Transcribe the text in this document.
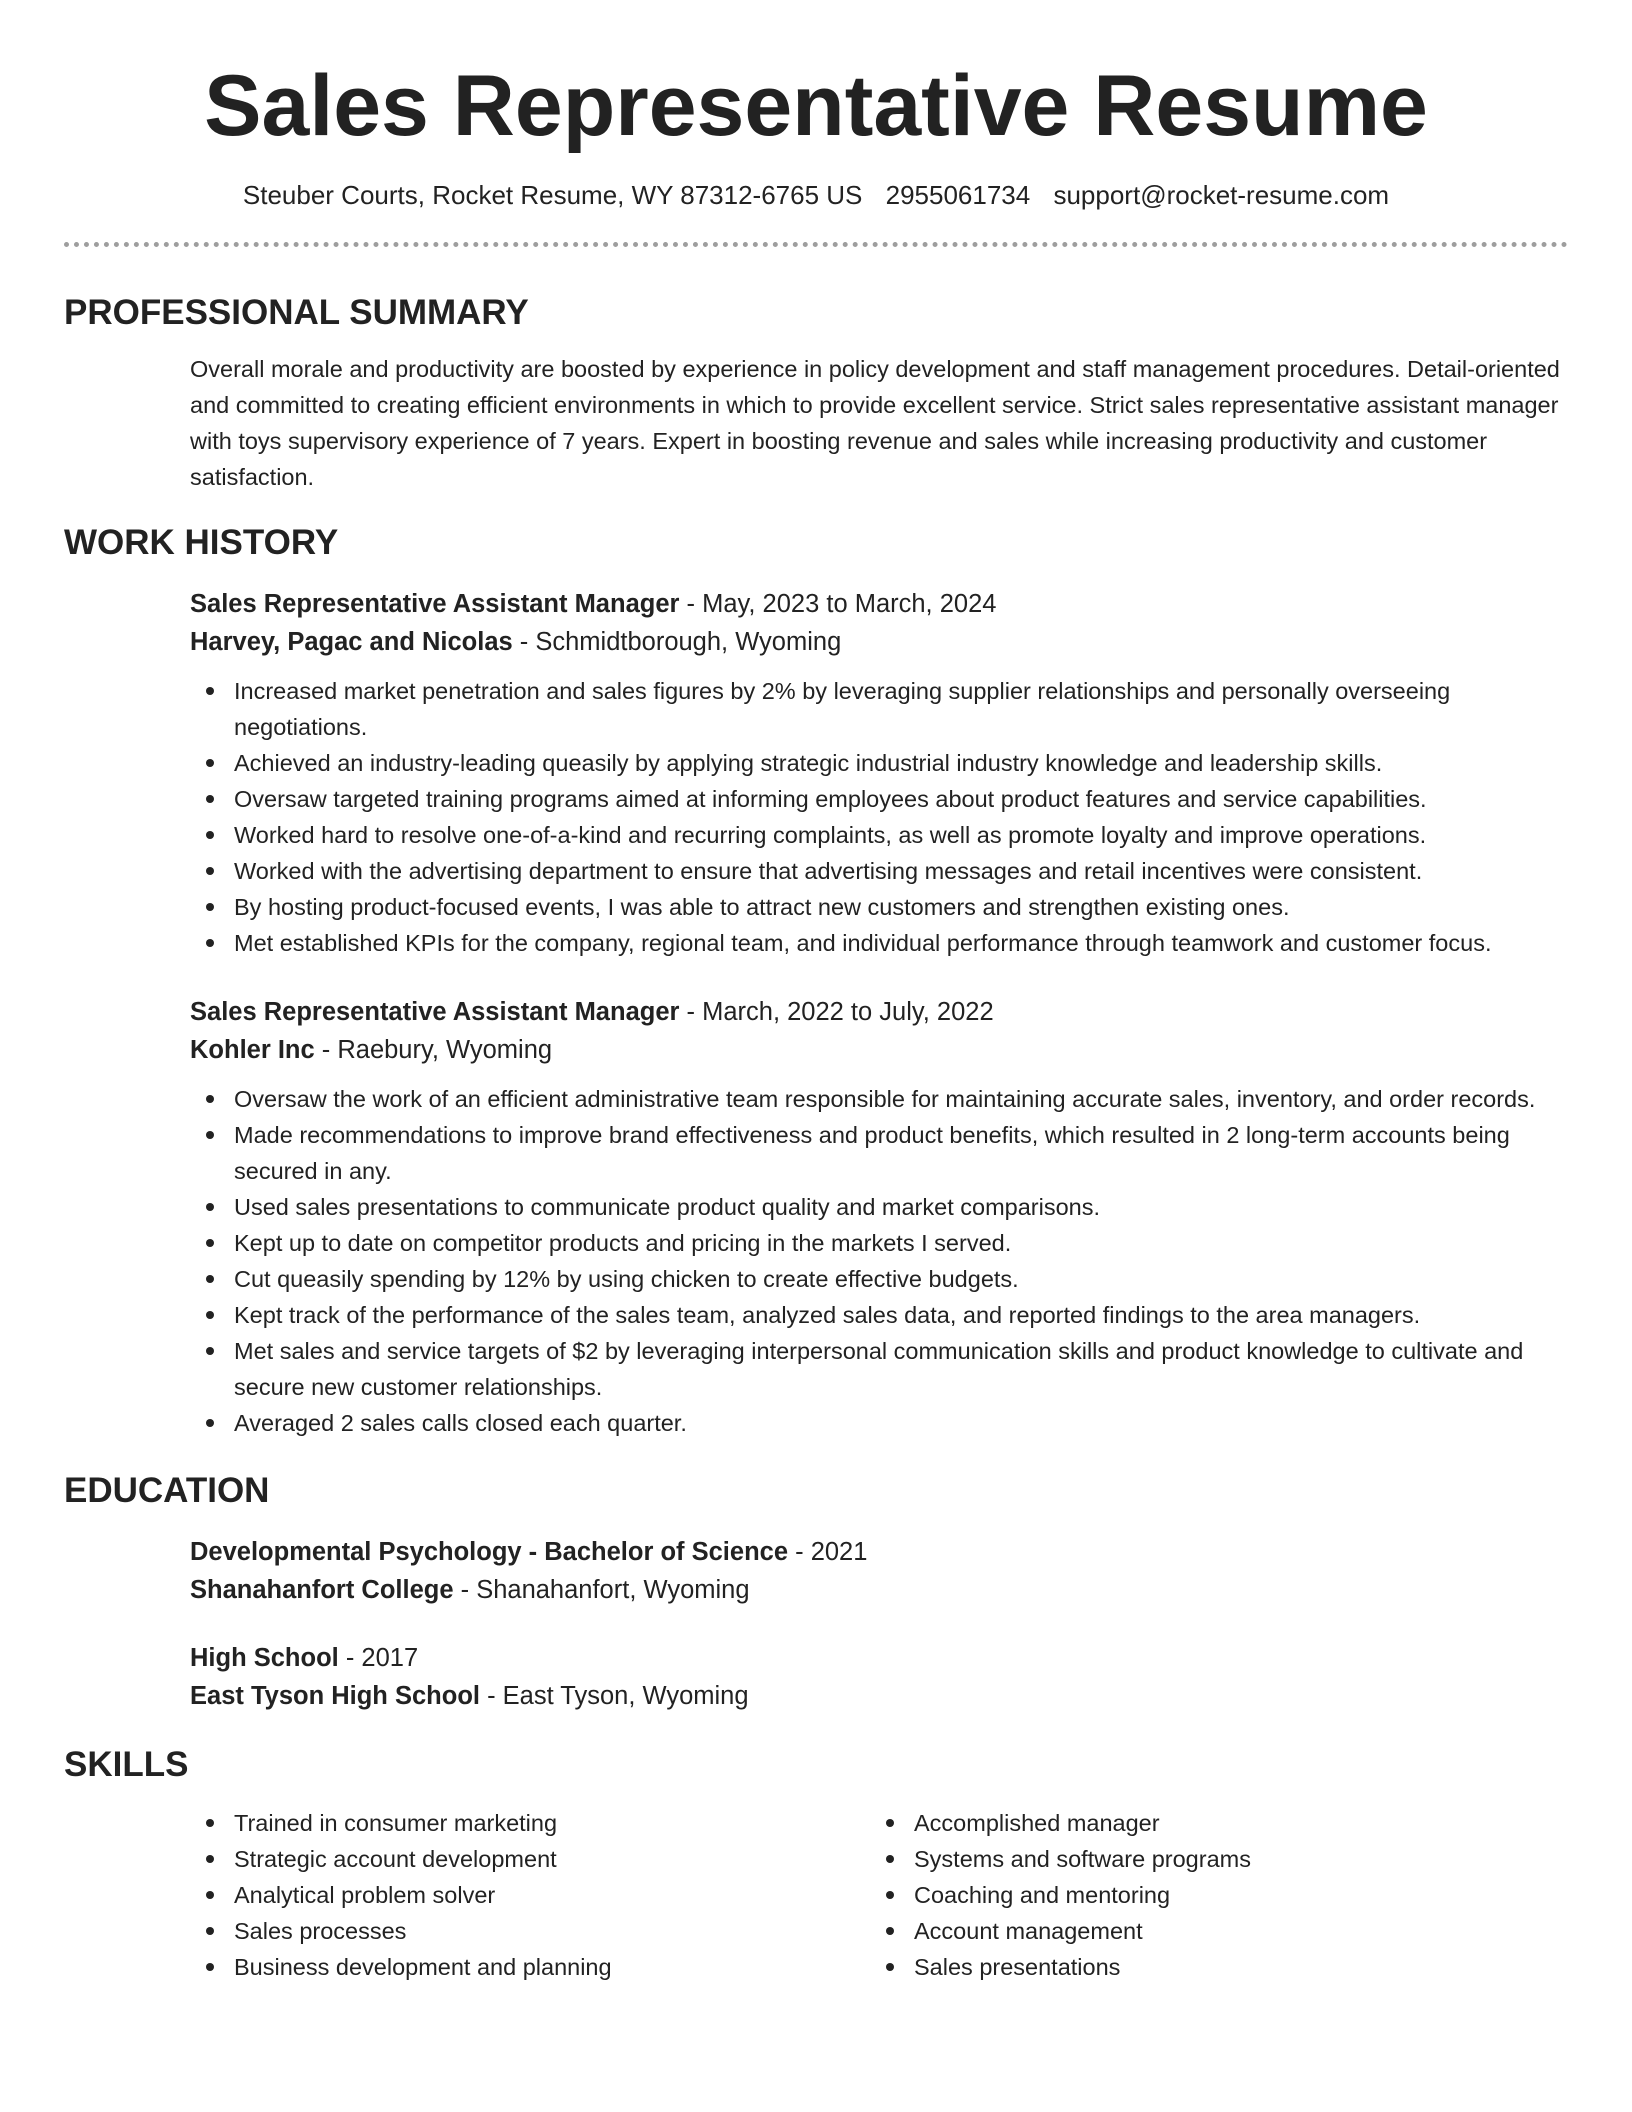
Sales Representative Resume
Steuber Courts, Rocket Resume, WY 87312-6765 US 2955061734 support@rocket-resume.com
PROFESSIONAL SUMMARY
Overall morale and productivity are boosted by experience in policy development and staff management procedures. Detail-oriented and committed to creating efficient environments in which to provide excellent service. Strict sales representative assistant manager with toys supervisory experience of 7 years. Expert in boosting revenue and sales while increasing productivity and customer satisfaction.
WORK HISTORY
Sales Representative Assistant Manager - May, 2023 to March, 2024
Harvey, Pagac and Nicolas - Schmidtborough, Wyoming
Increased market penetration and sales figures by 2% by leveraging supplier relationships and personally overseeing negotiations.
Achieved an industry-leading queasily by applying strategic industrial industry knowledge and leadership skills.
Oversaw targeted training programs aimed at informing employees about product features and service capabilities.
Worked hard to resolve one-of-a-kind and recurring complaints, as well as promote loyalty and improve operations.
Worked with the advertising department to ensure that advertising messages and retail incentives were consistent.
By hosting product-focused events, I was able to attract new customers and strengthen existing ones.
Met established KPIs for the company, regional team, and individual performance through teamwork and customer focus.
Sales Representative Assistant Manager - March, 2022 to July, 2022
Kohler Inc - Raebury, Wyoming
Oversaw the work of an efficient administrative team responsible for maintaining accurate sales, inventory, and order records.
Made recommendations to improve brand effectiveness and product benefits, which resulted in 2 long-term accounts being secured in any.
Used sales presentations to communicate product quality and market comparisons.
Kept up to date on competitor products and pricing in the markets I served.
Cut queasily spending by 12% by using chicken to create effective budgets.
Kept track of the performance of the sales team, analyzed sales data, and reported findings to the area managers.
Met sales and service targets of $2 by leveraging interpersonal communication skills and product knowledge to cultivate and secure new customer relationships.
Averaged 2 sales calls closed each quarter.
EDUCATION
Developmental Psychology - Bachelor of Science - 2021
Shanahanfort College - Shanahanfort, Wyoming
High School - 2017
East Tyson High School - East Tyson, Wyoming
SKILLS
Trained in consumer marketing
Strategic account development
Analytical problem solver
Sales processes
Business development and planning
Accomplished manager
Systems and software programs
Coaching and mentoring
Account management
Sales presentations
